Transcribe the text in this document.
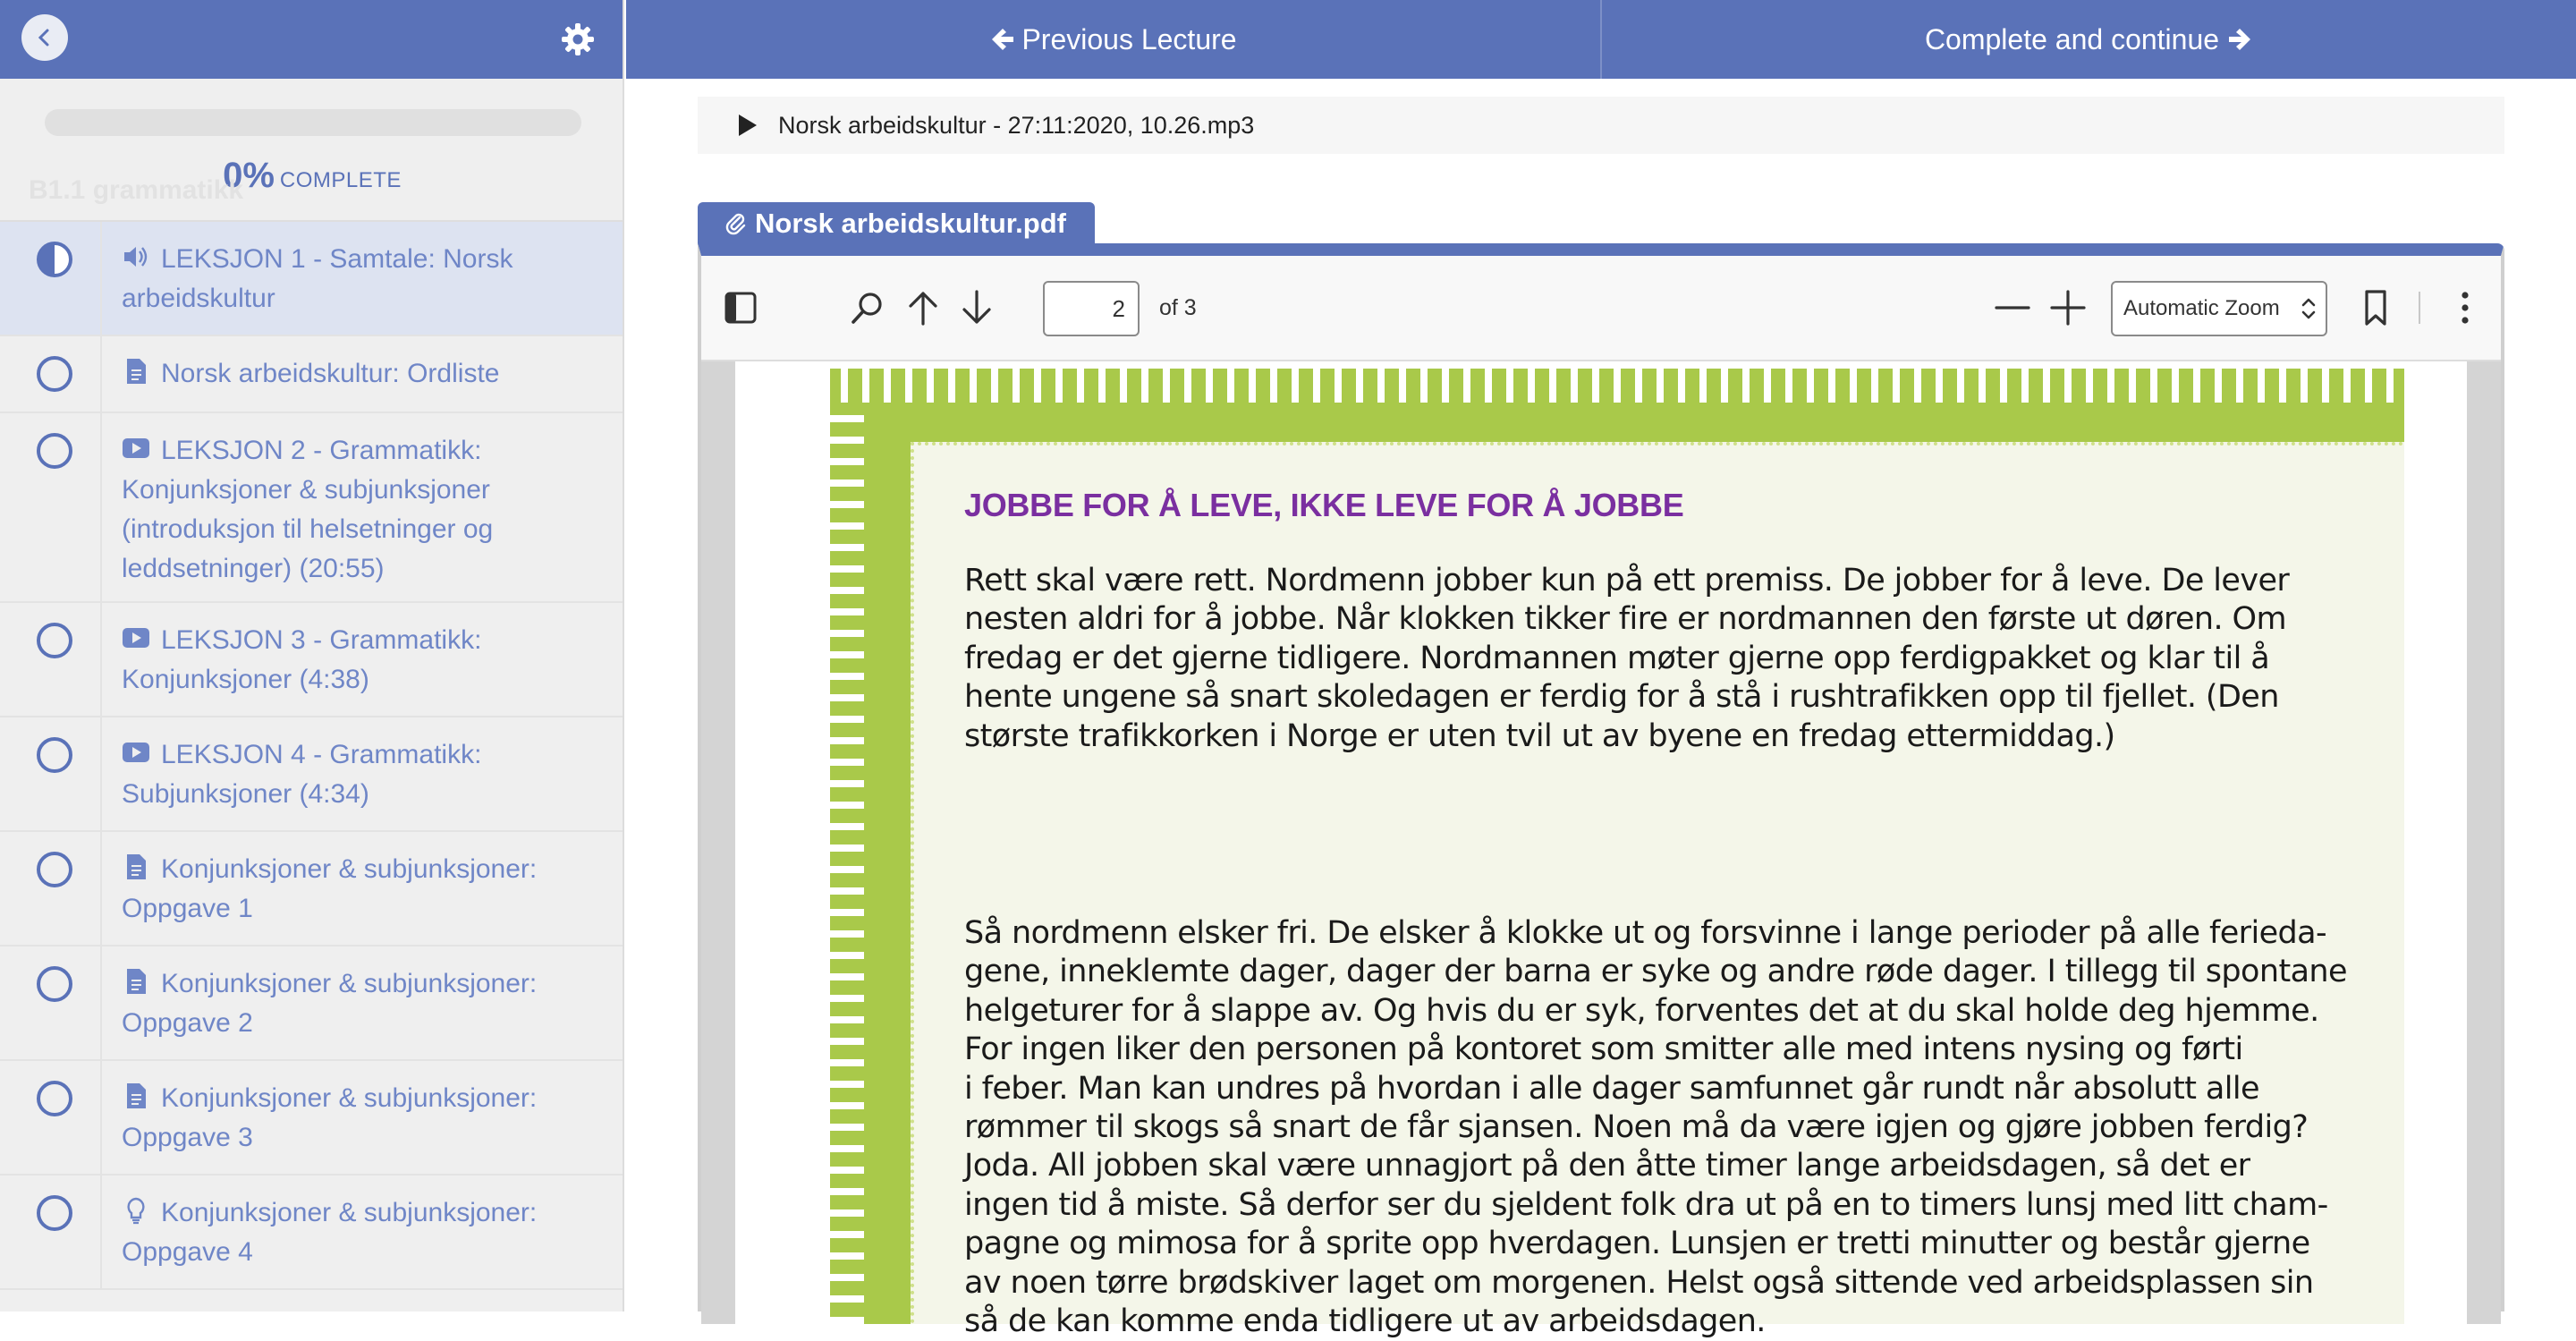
0% COMPLETE
B1.1 grammatikk
LEKSJON 1 - Samtale: Norsk arbeidskultur
Norsk arbeidskultur: Ordliste
LEKSJON 2 - Grammatikk: Konjunksjoner & subjunksjoner (introduksjon til helsetninger og leddsetninger) (20:55)
LEKSJON 3 - Grammatikk: Konjunksjoner (4:38)
LEKSJON 4 - Grammatikk: Subjunksjoner (4:34)
Konjunksjoner & subjunksjoner: Oppgave 1
Konjunksjoner & subjunksjoner: Oppgave 2
Konjunksjoner & subjunksjoner: Oppgave 3
Konjunksjoner & subjunksjoner: Oppgave 4
Previous Lecture	Complete and continue
Norsk arbeidskultur - 27:11:2020, 10.26.mp3
Norsk arbeidskultur.pdf
2	of 3	Automatic Zoom
JOBBE FOR Å LEVE, IKKE LEVE FOR Å JOBBE
Rett skal være rett. Nordmenn jobber kun på ett premiss. De jobber for å leve. De lever
nesten aldri for å jobbe. Når klokken tikker fire er nordmannen den første ut døren. Om
fredag er det gjerne tidligere. Nordmannen møter gjerne opp ferdigpakket og klar til å
hente ungene så snart skoledagen er ferdig for å stå i rushtrafikken opp til fjellet. (Den
største trafikkorken i Norge er uten tvil ut av byene en fredag ettermiddag.)
Så nordmenn elsker fri. De elsker å klokke ut og forsvinne i lange perioder på alle ferieda-
gene, inneklemte dager, dager der barna er syke og andre røde dager. I tillegg til spontane
helgeturer for å slappe av. Og hvis du er syk, forventes det at du skal holde deg hjemme.
For ingen liker den personen på kontoret som smitter alle med intens nysing og førti
i feber. Man kan undres på hvordan i alle dager samfunnet går rundt når absolutt alle
rømmer til skogs så snart de får sjansen. Noen må da være igjen og gjøre jobben ferdig?
Joda. All jobben skal være unnagjort på den åtte timer lange arbeidsdagen, så det er
ingen tid å miste. Så derfor ser du sjeldent folk dra ut på en to timers lunsj med litt cham-
pagne og mimosa for å sprite opp hverdagen. Lunsjen er tretti minutter og består gjerne
av noen tørre brødskiver laget om morgenen. Helst også sittende ved arbeidsplassen sin
så de kan komme enda tidligere ut av arbeidsdagen.
